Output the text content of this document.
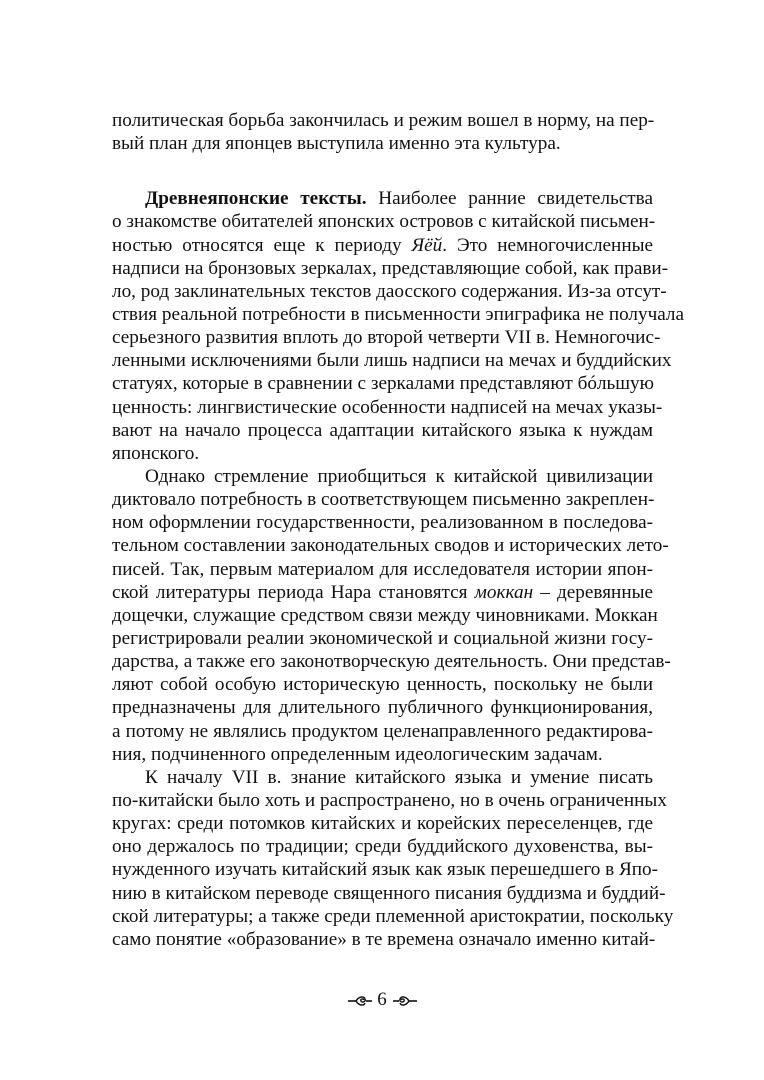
политическая борьба закончилась и режим вошел в норму, на пер-
вый план для японцев выступила именно эта культура.
Древнеяпонские тексты. Наиболее ранние свидетельства
о знакомстве обитателей японских островов с китайской письмен-
ностью относятся еще к периоду Яёй. Это немногочисленные
надписи на бронзовых зеркалах, представляющие собой, как прави-
ло, род заклинательных текстов даосского содержания. Из-за отсут-
ствия реальной потребности в письменности эпиграфика не получала
серьезного развития вплоть до второй четверти VII в. Немногочис-
ленными исключениями были лишь надписи на мечах и буддийских
статуях, которые в сравнении с зеркалами представляют бóльшую
ценность: лингвистические особенности надписей на мечах указы-
вают на начало процесса адаптации китайского языка к нуждам
японского.
Однако стремление приобщиться к китайской цивилизации
диктовало потребность в соответствующем письменно закреплен-
ном оформлении государственности, реализованном в последова-
тельном составлении законодательных сводов и исторических лето-
писей. Так, первым материалом для исследователя истории япон-
ской литературы периода Нара становятся моккан – деревянные
дощечки, служащие средством связи между чиновниками. Моккан
регистрировали реалии экономической и социальной жизни госу-
дарства, а также его законотворческую деятельность. Они представ-
ляют собой особую историческую ценность, поскольку не были
предназначены для длительного публичного функционирования,
а потому не являлись продуктом целенаправленного редактирова-
ния, подчиненного определенным идеологическим задачам.
К началу VII в. знание китайского языка и умение писать
по-китайски было хоть и распространено, но в очень ограниченных
кругах: среди потомков китайских и корейских переселенцев, где
оно держалось по традиции; среди буддийского духовенства, вы-
нужденного изучать китайский язык как язык перешедшего в Япо-
нию в китайском переводе священного писания буддизма и буддий-
ской литературы; а также среди племенной аристократии, поскольку
само понятие «образование» в те времена означало именно китай-
6
